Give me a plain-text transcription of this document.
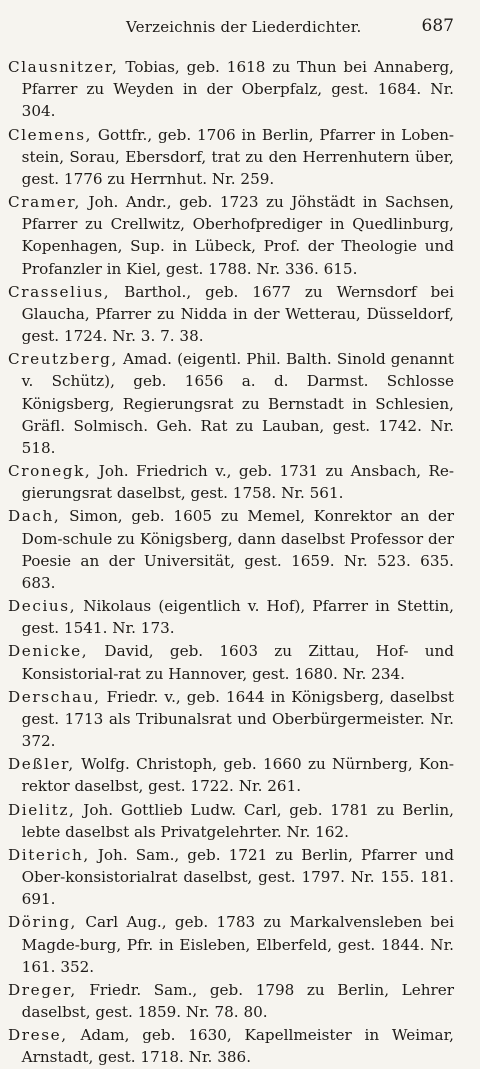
Verzeichnis der Liederdichter.	687

Clausnitzer, Tobias, geb. 1618 zu Thun bei Annaberg, Pfarrer zu Weyden in der Oberpfalz, gest. 1684. Nr. 304.

Clemens, Gottfr., geb. 1706 in Berlin, Pfarrer in Loben-stein, Sorau, Ebersdorf, trat zu den Herrenhutern über, gest. 1776 zu Herrnhut. Nr. 259.

Cramer, Joh. Andr., geb. 1723 zu Jöhstädt in Sachsen, Pfarrer zu Crellwitz, Oberhofprediger in Quedlinburg, Kopenhagen, Sup. in Lübeck, Prof. der Theologie und Profanzler in Kiel, gest. 1788. Nr. 336. 615.

Crasselius, Barthol., geb. 1677 zu Wernsdorf bei Glaucha, Pfarrer zu Nidda in der Wetterau, Düsseldorf, gest. 1724. Nr. 3. 7. 38.

Creutzberg, Amad. (eigentl. Phil. Balth. Sinold genannt v. Schütz), geb. 1656 a. d. Darmst. Schlosse Königsberg, Regierungsrat zu Bernstadt in Schlesien, Gräfl. Solmisch. Geh. Rat zu Lauban, gest. 1742. Nr. 518.

Cronegk, Joh. Friedrich v., geb. 1731 zu Ansbach, Re-gierungsrat daselbst, gest. 1758. Nr. 561.

Dach, Simon, geb. 1605 zu Memel, Konrektor an der Dom-schule zu Königsberg, dann daselbst Professor der Poesie an der Universität, gest. 1659. Nr. 523. 635. 683.

Decius, Nikolaus (eigentlich v. Hof), Pfarrer in Stettin, gest. 1541. Nr. 173.

Denicke, David, geb. 1603 zu Zittau, Hof- und Konsistorial-rat zu Hannover, gest. 1680. Nr. 234.

Derschau, Friedr. v., geb. 1644 in Königsberg, daselbst gest. 1713 als Tribunalsrat und Oberbürgermeister. Nr. 372.

Deßler, Wolfg. Christoph, geb. 1660 zu Nürnberg, Kon-rektor daselbst, gest. 1722. Nr. 261.

Dielitz, Joh. Gottlieb Ludw. Carl, geb. 1781 zu Berlin, lebte daselbst als Privatgelehrter. Nr. 162.

Diterich, Joh. Sam., geb. 1721 zu Berlin, Pfarrer und Ober-konsistorialrat daselbst, gest. 1797. Nr. 155. 181. 691.

Döring, Carl Aug., geb. 1783 zu Markalvensleben bei Magde-burg, Pfr. in Eisleben, Elberfeld, gest. 1844. Nr. 161. 352.

Dreger, Friedr. Sam., geb. 1798 zu Berlin, Lehrer daselbst, gest. 1859. Nr. 78. 80.

Drese, Adam, geb. 1630, Kapellmeister in Weimar, Arnstadt, gest. 1718. Nr. 386.
